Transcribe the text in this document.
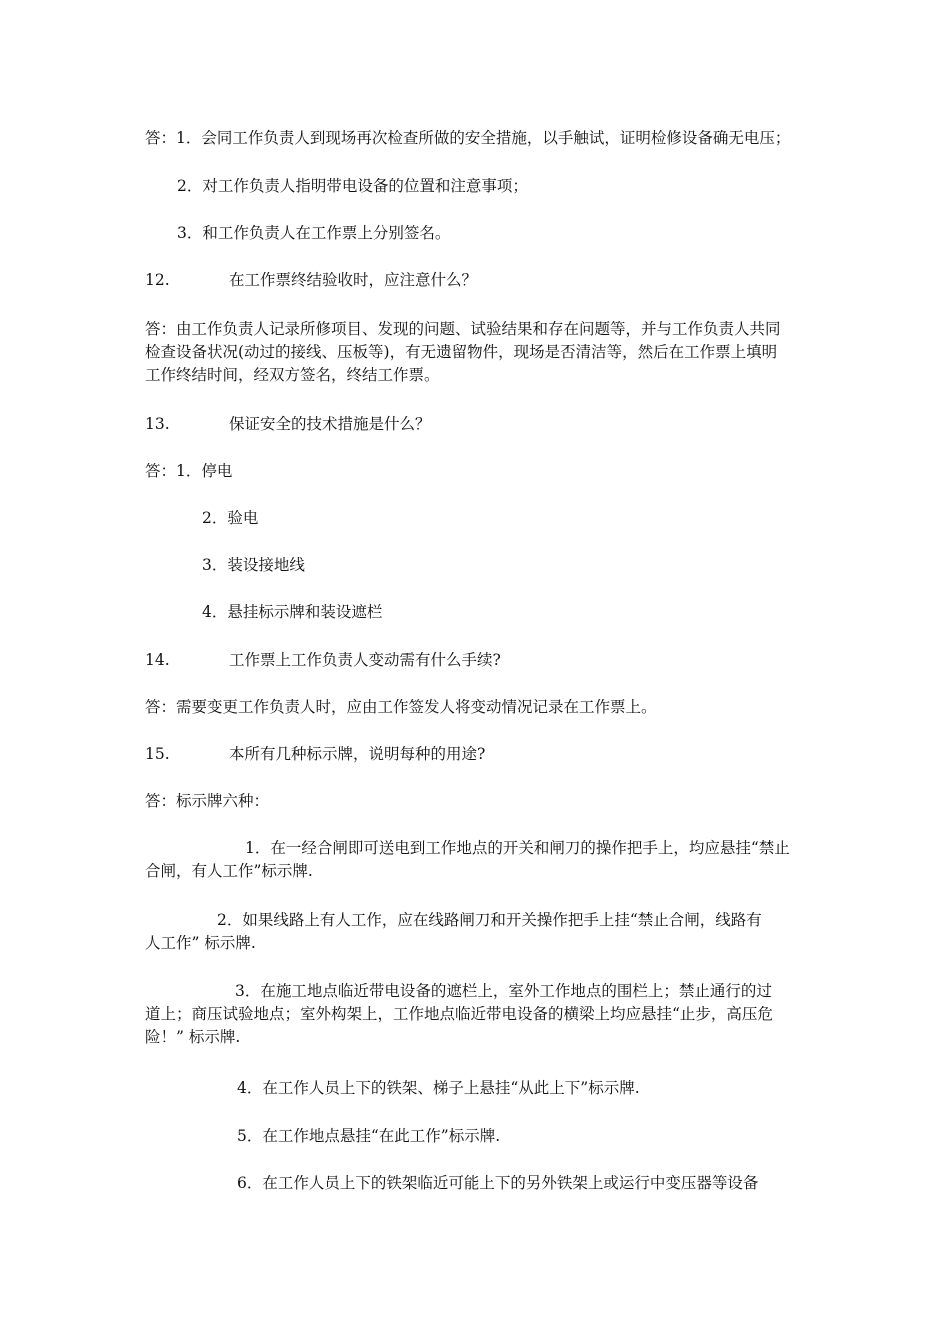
答：1．会同工作负责人到现场再次检查所做的安全措施，以手触试，证明检修设备确无电压；
2．对工作负责人指明带电设备的位置和注意事项；
3．和工作负责人在工作票上分别签名。
12.	在工作票终结验收时，应注意什么？
答：由工作负责人记录所修项目、发现的问题、试验结果和存在问题等，并与工作负责人共同
检查设备状况(动过的接线、压板等)，有无遗留物件，现场是否清洁等，然后在工作票上填明
工作终结时间，经双方签名，终结工作票。
13.	保证安全的技术措施是什么？
答：1．停电
2．验电
3．装设接地线
4．悬挂标示牌和装设遮栏
14.	工作票上工作负责人变动需有什么手续?
答：需要变更工作负责人时，应由工作签发人将变动情况记录在工作票上。
15.	本所有几种标示牌，说明每种的用途?
答：标示牌六种：
1．在一经合闸即可送电到工作地点的开关和闸刀的操作把手上，均应悬挂“禁止
合闸，有人工作”标示牌.
2．如果线路上有人工作，应在线路闸刀和开关操作把手上挂“禁止合闸，线路有
人工作” 标示牌.
3．在施工地点临近带电设备的遮栏上，室外工作地点的围栏上；禁止通行的过
道上；商压试验地点；室外构架上，工作地点临近带电设备的横梁上均应悬挂“止步，高压危
险！” 标示牌.
4．在工作人员上下的铁架、梯子上悬挂“从此上下”标示牌.
5．在工作地点悬挂“在此工作”标示牌.
6．在工作人员上下的铁架临近可能上下的另外铁架上或运行中变压器等设备
